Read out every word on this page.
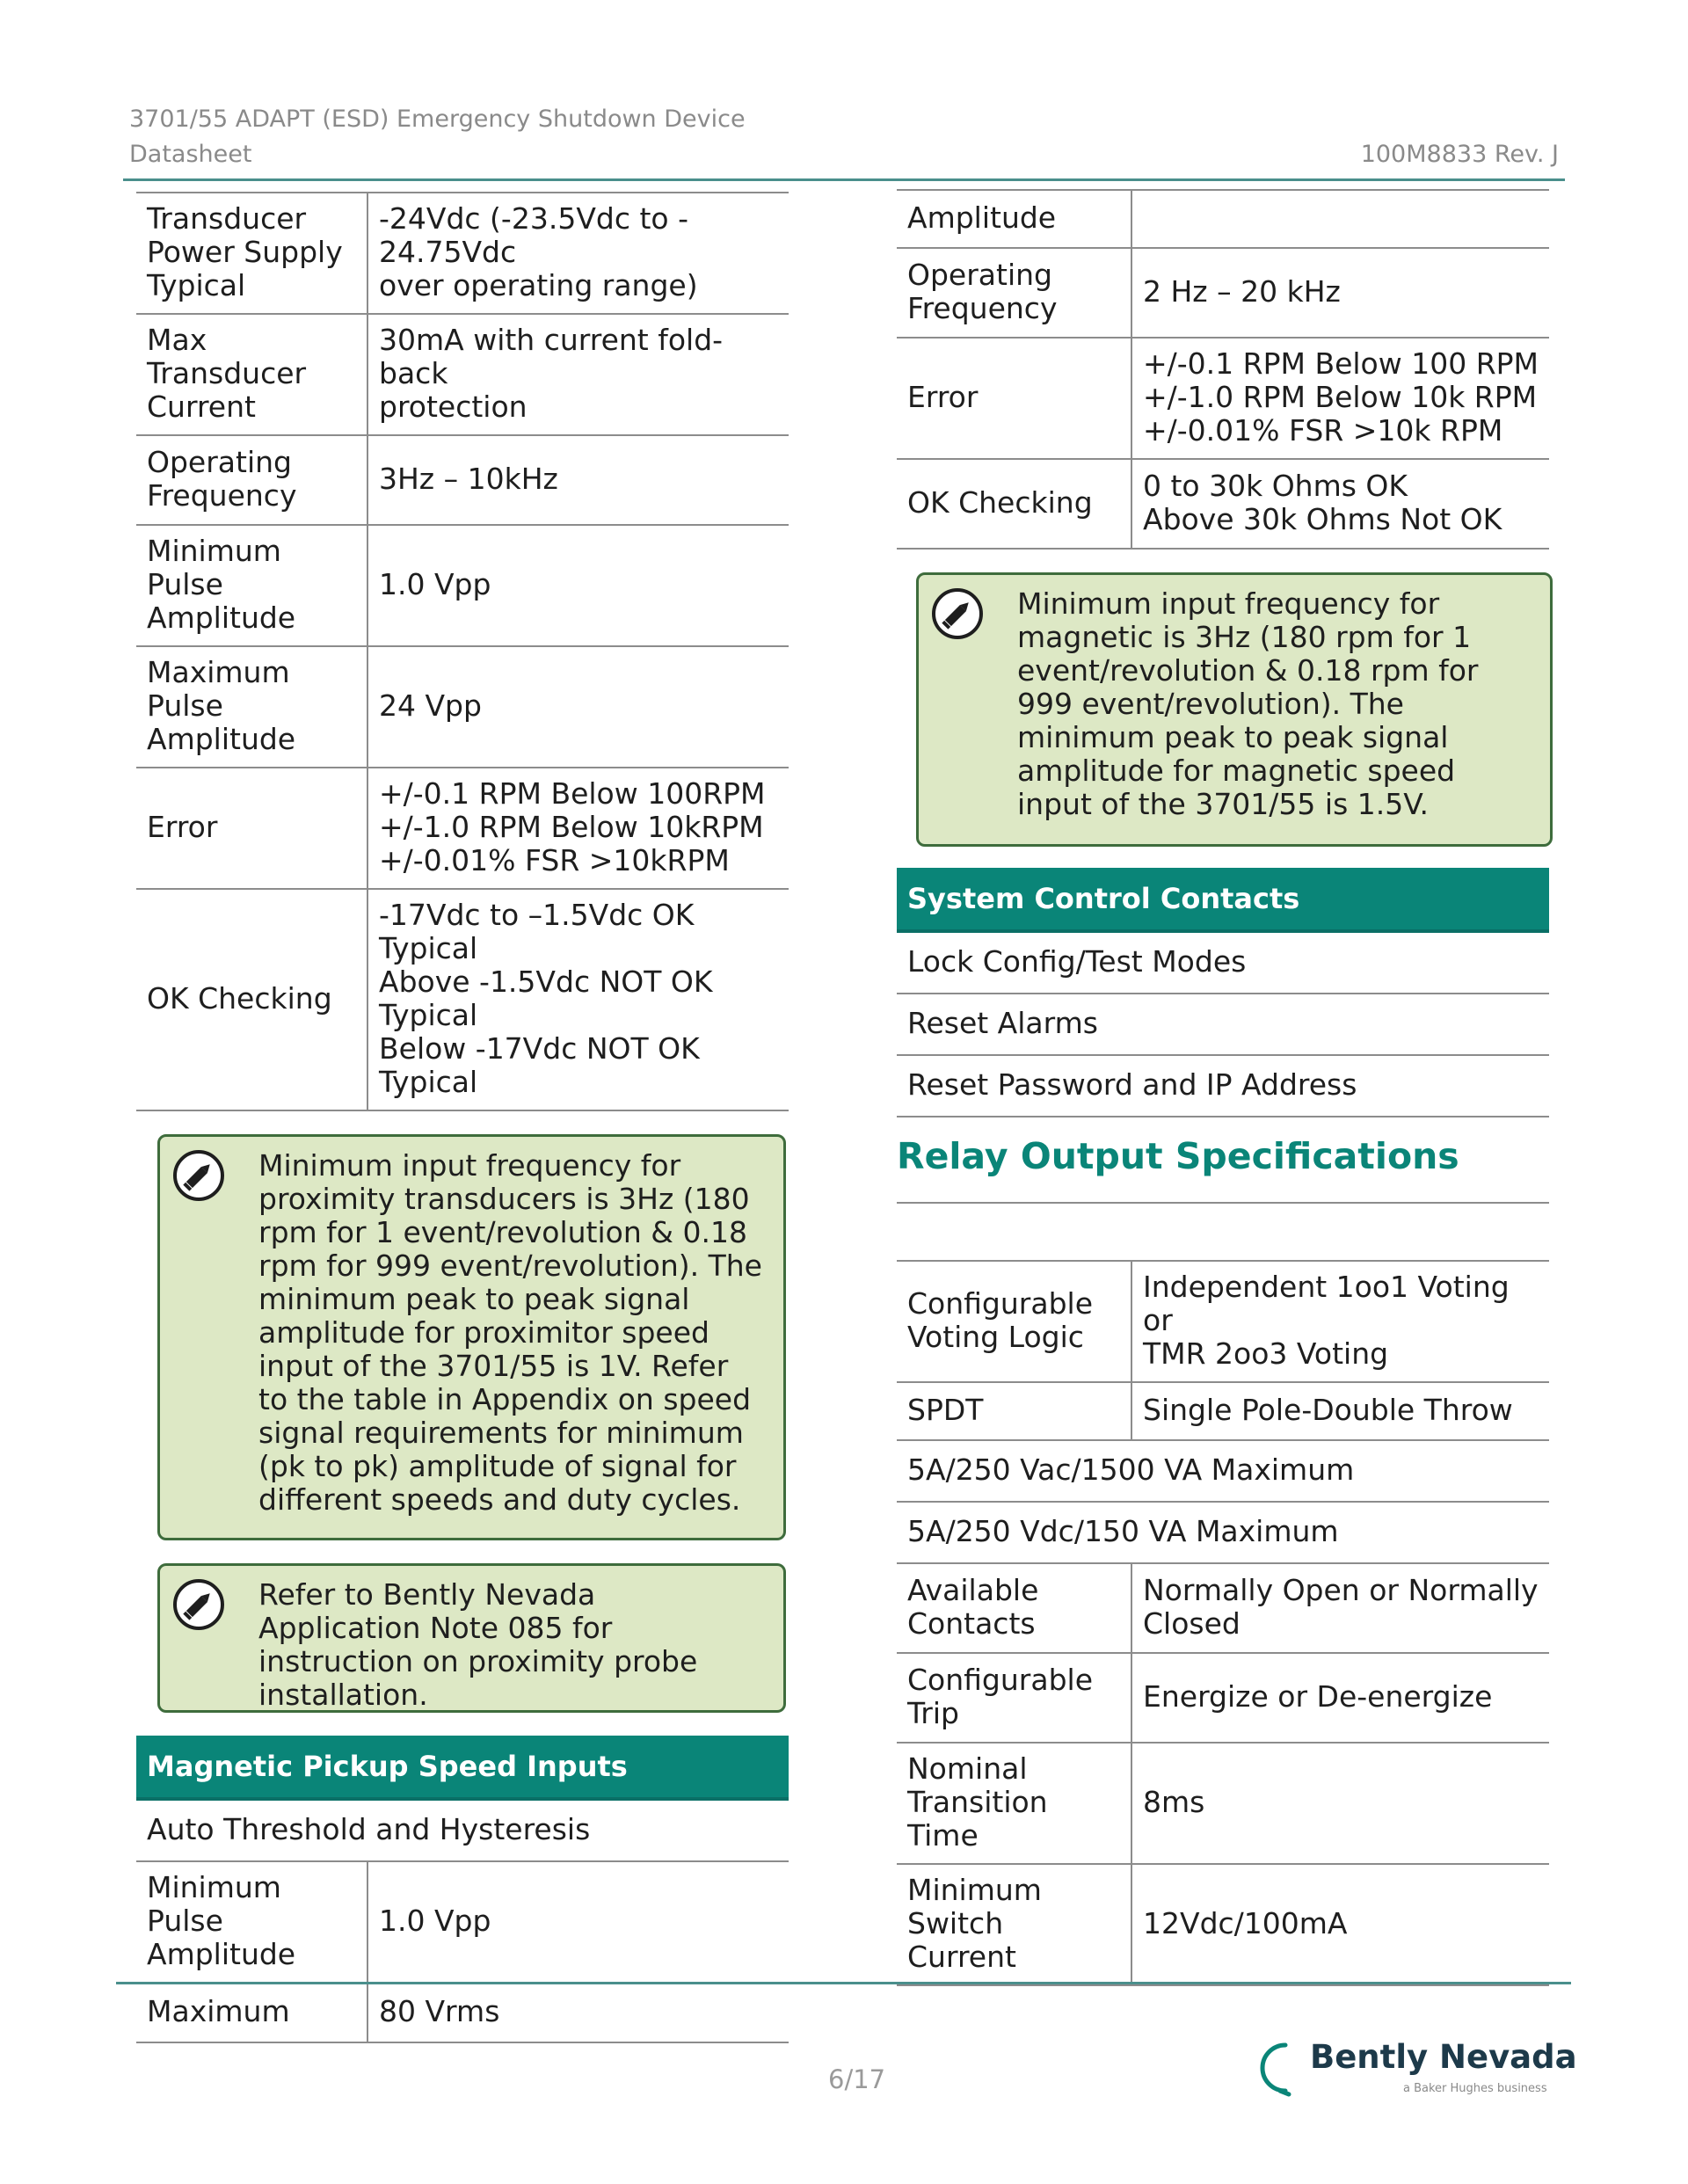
3701/55 ADAPT (ESD) Emergency Shutdown Device
Datasheet	100M8833 Rev. J
Transducer
Power Supply
Typical	-24Vdc (-23.5Vdc to -
24.75Vdc
over operating range)
Max
Transducer
Current	30mA with current fold-back
protection
Operating
Frequency	3Hz – 10kHz
Minimum Pulse
Amplitude	1.0 Vpp
Maximum
Pulse
Amplitude	24 Vpp
Error	+/-0.1 RPM Below 100RPM
+/-1.0 RPM Below 10kRPM
+/-0.01% FSR >10kRPM
OK Checking	-17Vdc to –1.5Vdc OK Typical
Above -1.5Vdc NOT OK
Typical
Below -17Vdc NOT OK Typical
Minimum input frequency for proximity transducers is 3Hz (180 rpm for 1 event/revolution & 0.18 rpm for 999 event/revolution). The minimum peak to peak signal amplitude for proximitor speed input of the 3701/55 is 1V. Refer to the table in Appendix on speed signal requirements for minimum (pk to pk) amplitude of signal for different speeds and duty cycles.
Refer to Bently Nevada Application Note 085 for instruction on proximity probe installation.
Magnetic Pickup Speed Inputs	
Auto Threshold and Hysteresis	
Minimum Pulse
Amplitude	1.0 Vpp
Maximum	80 Vrms
Amplitude	
Operating
Frequency	2 Hz – 20 kHz
Error	+/-0.1 RPM Below 100 RPM
+/-1.0 RPM Below 10k RPM
+/-0.01% FSR >10k RPM
OK Checking	0 to 30k Ohms OK
Above 30k Ohms Not OK
Minimum input frequency for magnetic is 3Hz (180 rpm for 1 event/revolution & 0.18 rpm for 999 event/revolution). The minimum peak to peak signal amplitude for magnetic speed input of the 3701/55 is 1.5V.
System Control Contacts
Lock Config/Test Modes
Reset Alarms
Reset Password and IP Address
Relay Output Specifications
Configurable
Voting Logic	Independent 1oo1 Voting or
TMR 2oo3 Voting
SPDT	Single Pole-Double Throw
5A/250 Vac/1500 VA Maximum	
5A/250 Vdc/150 VA Maximum	
Available
Contacts	Normally Open or Normally
Closed
Configurable
Trip	Energize or De-energize
Nominal
Transition Time	8ms
Minimum
Switch Current	12Vdc/100mA
6/17
Bently Nevada
a Baker Hughes business
